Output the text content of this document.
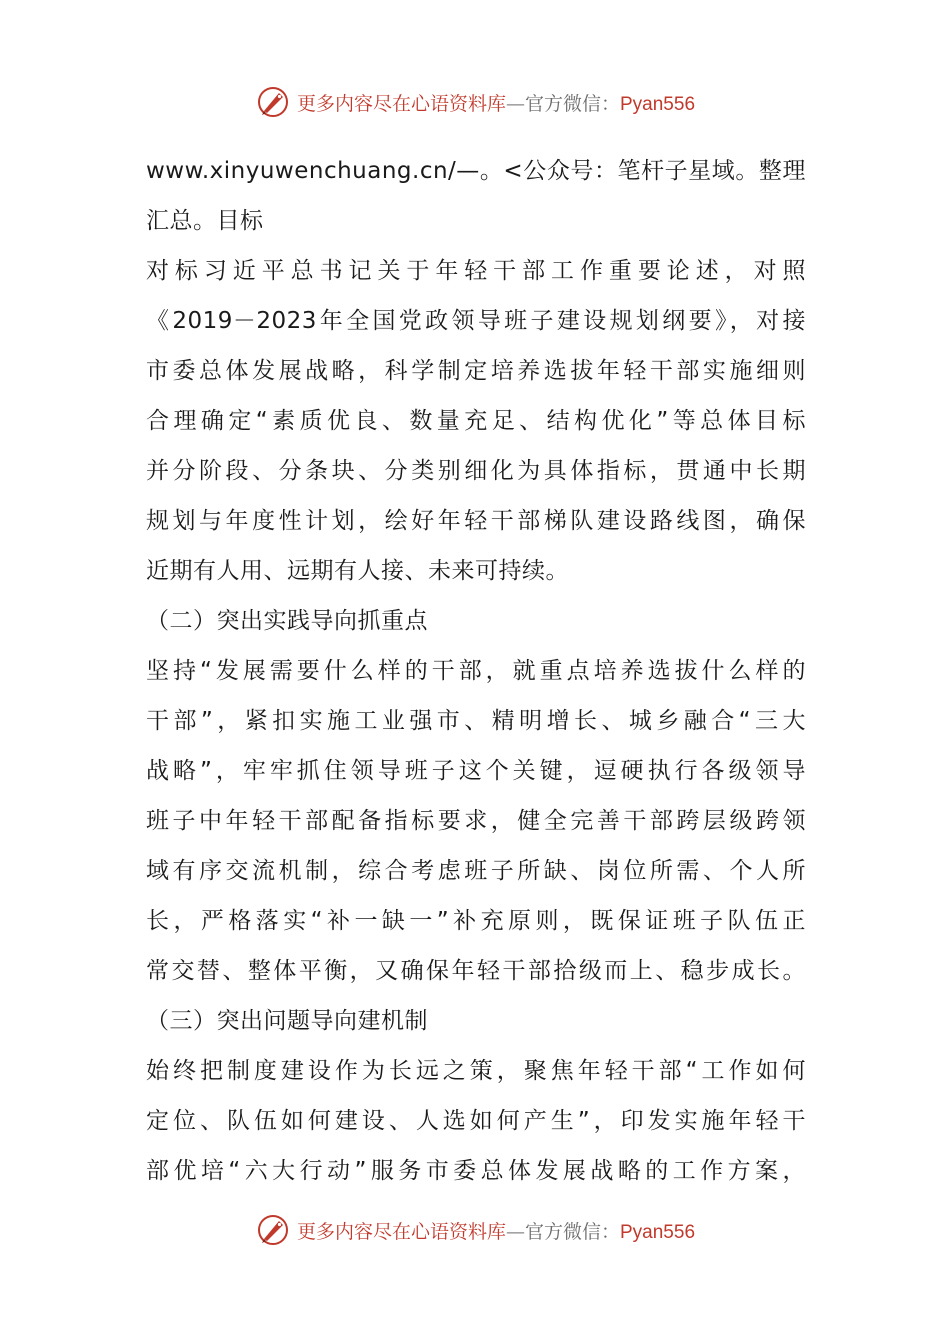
更多内容尽在心语资料库—官方微信：Pyan556
www.xinyuwenchuang.cn/—。<公众号：笔杆子星域。整理
汇总。目标
对标习近平总书记关于年轻干部工作重要论述，对照
《2019－2023年全国党政领导班子建设规划纲要》，对接
市委总体发展战略，科学制定培养选拔年轻干部实施细则
合理确定“素质优良、数量充足、结构优化”等总体目标
并分阶段、分条块、分类别细化为具体指标，贯通中长期
规划与年度性计划，绘好年轻干部梯队建设路线图，确保
近期有人用、远期有人接、未来可持续。
（二）突出实践导向抓重点
坚持“发展需要什么样的干部，就重点培养选拔什么样的
干部”，紧扣实施工业强市、精明增长、城乡融合“三大
战略”，牢牢抓住领导班子这个关键，逗硬执行各级领导
班子中年轻干部配备指标要求，健全完善干部跨层级跨领
域有序交流机制，综合考虑班子所缺、岗位所需、个人所
长，严格落实“补一缺一”补充原则，既保证班子队伍正
常交替、整体平衡，又确保年轻干部拾级而上、稳步成长。
（三）突出问题导向建机制
始终把制度建设作为长远之策，聚焦年轻干部“工作如何
定位、队伍如何建设、人选如何产生”，印发实施年轻干
部优培“六大行动”服务市委总体发展战略的工作方案，
更多内容尽在心语资料库—官方微信：Pyan556
